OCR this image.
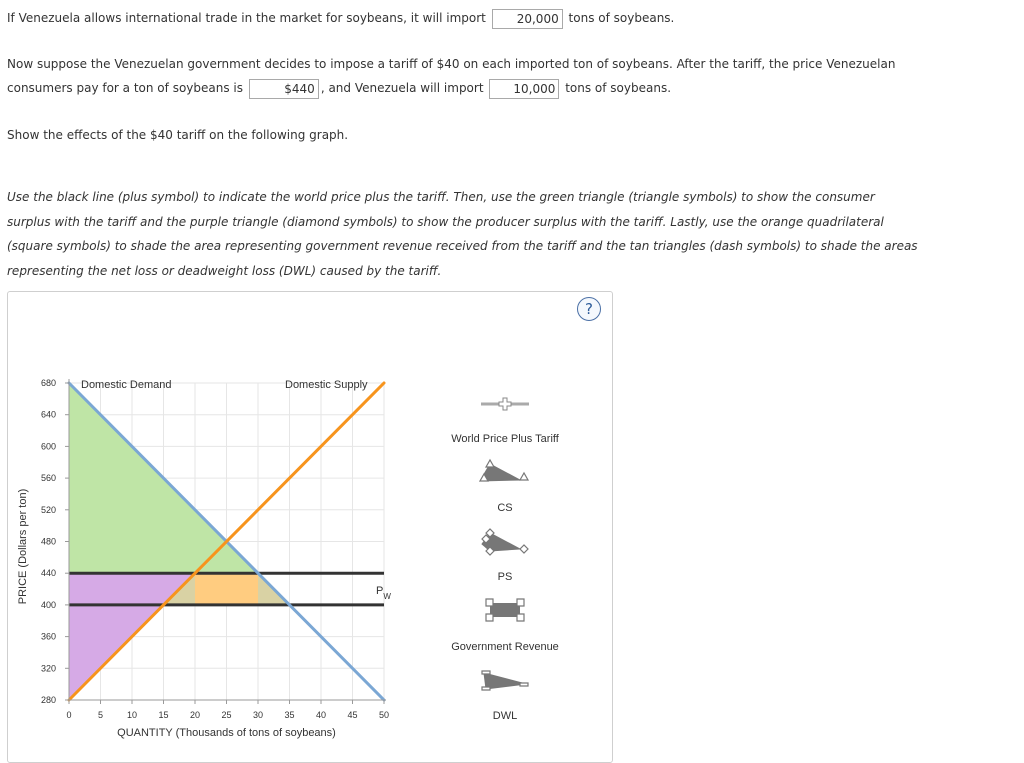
If Venezuela allows international trade in the market for soybeans, it will import	20,000 tons of soybeans.
Now suppose the Venezuelan government decides to impose a tariff of $40 on each imported ton of soybeans. After the tariff, the price Venezuelan
consumers pay for a ton of soybeans is	$440 , and Venezuela will import 10,000 tons of soybeans.
Show the effects of the $40 tariff on the following graph.
Use the black line (plus symbol) to indicate the world price plus the tariff. Then, use the green triangle (triangle symbols) to show the consumer
surplus with the tariff and the purple triangle (diamond symbols) to show the producer surplus with the tariff. Lastly, use the orange quadrilateral
(square symbols) to shade the area representing government revenue received from the tariff and the tan triangles (dash symbols) to shade the areas
representing the net loss or deadweight loss (DWL) caused by the tariff.
?
$P_W$
Domestic Demand	Domestic Supply
0	5	10 15 20 25 30 35 40 45 50
280
320
360
400
440
480
520
560
600
640
680
QUANTITY (Thousands of tons of soybeans)
PRICE (Dollars per ton)
World Price Plus Tariff
CS
PS
Government Revenue
DWL
